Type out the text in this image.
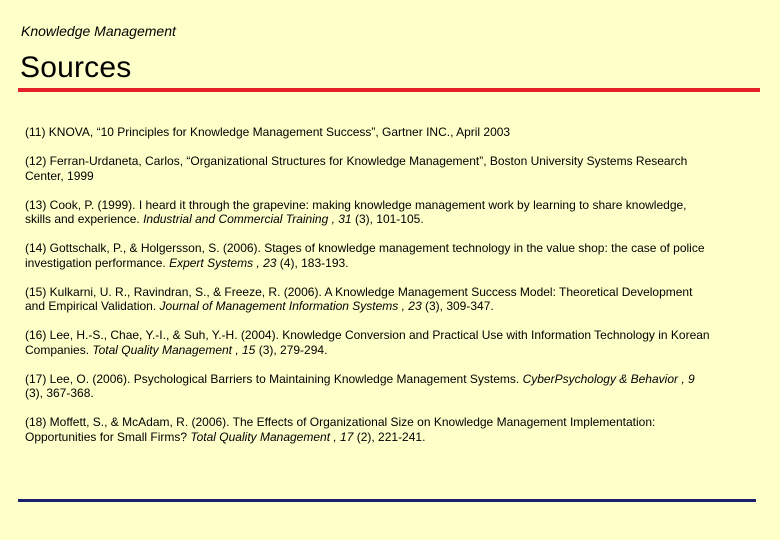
Knowledge Management
Sources

(11) KNOVA, “10 Principles for Knowledge Management Success”, Gartner INC., April 2003

(12) Ferran-Urdaneta, Carlos, “Organizational Structures for Knowledge Management”, Boston University Systems Research Center, 1999

(13) Cook, P. (1999). I heard it through the grapevine: making knowledge management work by learning to share knowledge, skills and experience. Industrial and Commercial Training , 31 (3), 101-105.

(14) Gottschalk, P., & Holgersson, S. (2006). Stages of knowledge management technology in the value shop: the case of police investigation performance. Expert Systems , 23 (4), 183-193.

(15) Kulkarni, U. R., Ravindran, S., & Freeze, R. (2006). A Knowledge Management Success Model: Theoretical Development and Empirical Validation. Journal of Management Information Systems , 23 (3), 309-347.

(16) Lee, H.-S., Chae, Y.-I., & Suh, Y.-H. (2004). Knowledge Conversion and Practical Use with Information Technology in Korean Companies. Total Quality Management , 15 (3), 279-294.

(17) Lee, O. (2006). Psychological Barriers to Maintaining Knowledge Management Systems. CyberPsychology & Behavior , 9 (3), 367-368.

(18) Moffett, S., & McAdam, R. (2006). The Effects of Organizational Size on Knowledge Management Implementation: Opportunities for Small Firms? Total Quality Management , 17 (2), 221-241.
